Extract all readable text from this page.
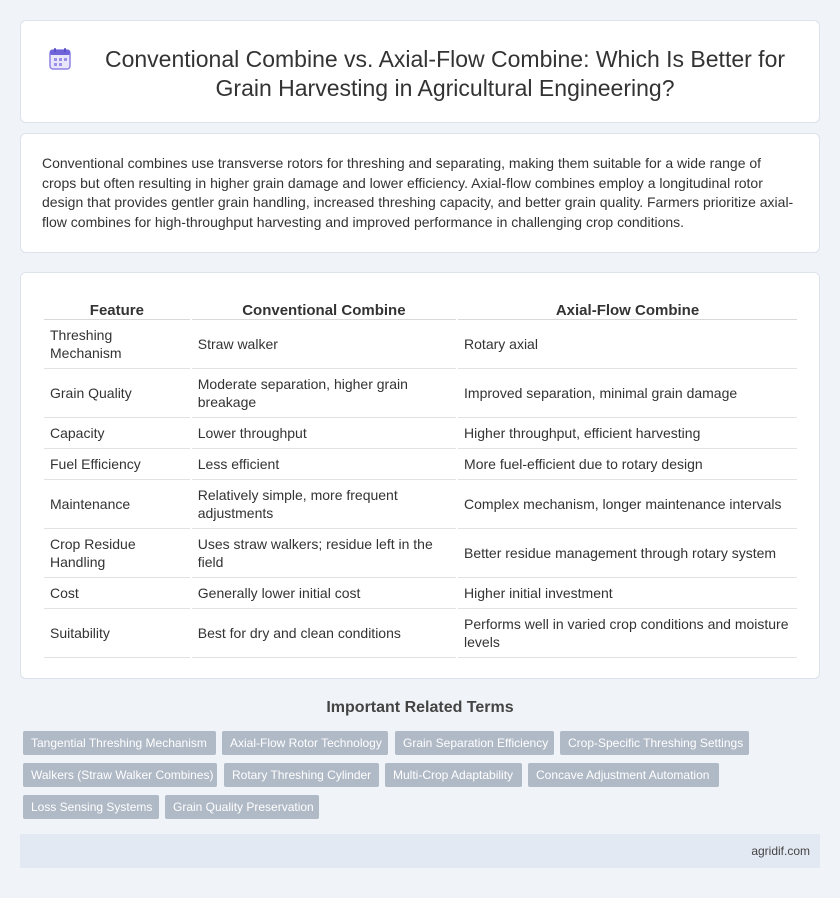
Conventional Combine vs. Axial-Flow Combine: Which Is Better for Grain Harvesting in Agricultural Engineering?

Conventional combines use transverse rotors for threshing and separating, making them suitable for a wide range of crops but often resulting in higher grain damage and lower efficiency. Axial-flow combines employ a longitudinal rotor design that provides gentler grain handling, increased threshing capacity, and better grain quality. Farmers prioritize axial-flow combines for high-throughput harvesting and improved performance in challenging crop conditions.

Feature	Conventional Combine	Axial-Flow Combine
Threshing Mechanism	Straw walker	Rotary axial
Grain Quality	Moderate separation, higher grain breakage	Improved separation, minimal grain damage
Capacity	Lower throughput	Higher throughput, efficient harvesting
Fuel Efficiency	Less efficient	More fuel-efficient due to rotary design
Maintenance	Relatively simple, more frequent adjustments	Complex mechanism, longer maintenance intervals
Crop Residue Handling	Uses straw walkers; residue left in the field	Better residue management through rotary system
Cost	Generally lower initial cost	Higher initial investment
Suitability	Best for dry and clean conditions	Performs well in varied crop conditions and moisture levels
Important Related Terms
Tangential Threshing Mechanism	Axial-Flow Rotor Technology	Grain Separation Efficiency	Crop-Specific Threshing Settings
Walkers (Straw Walker Combines)	Rotary Threshing Cylinder	Multi-Crop Adaptability	Concave Adjustment Automation
Loss Sensing Systems	Grain Quality Preservation
agridif.com
